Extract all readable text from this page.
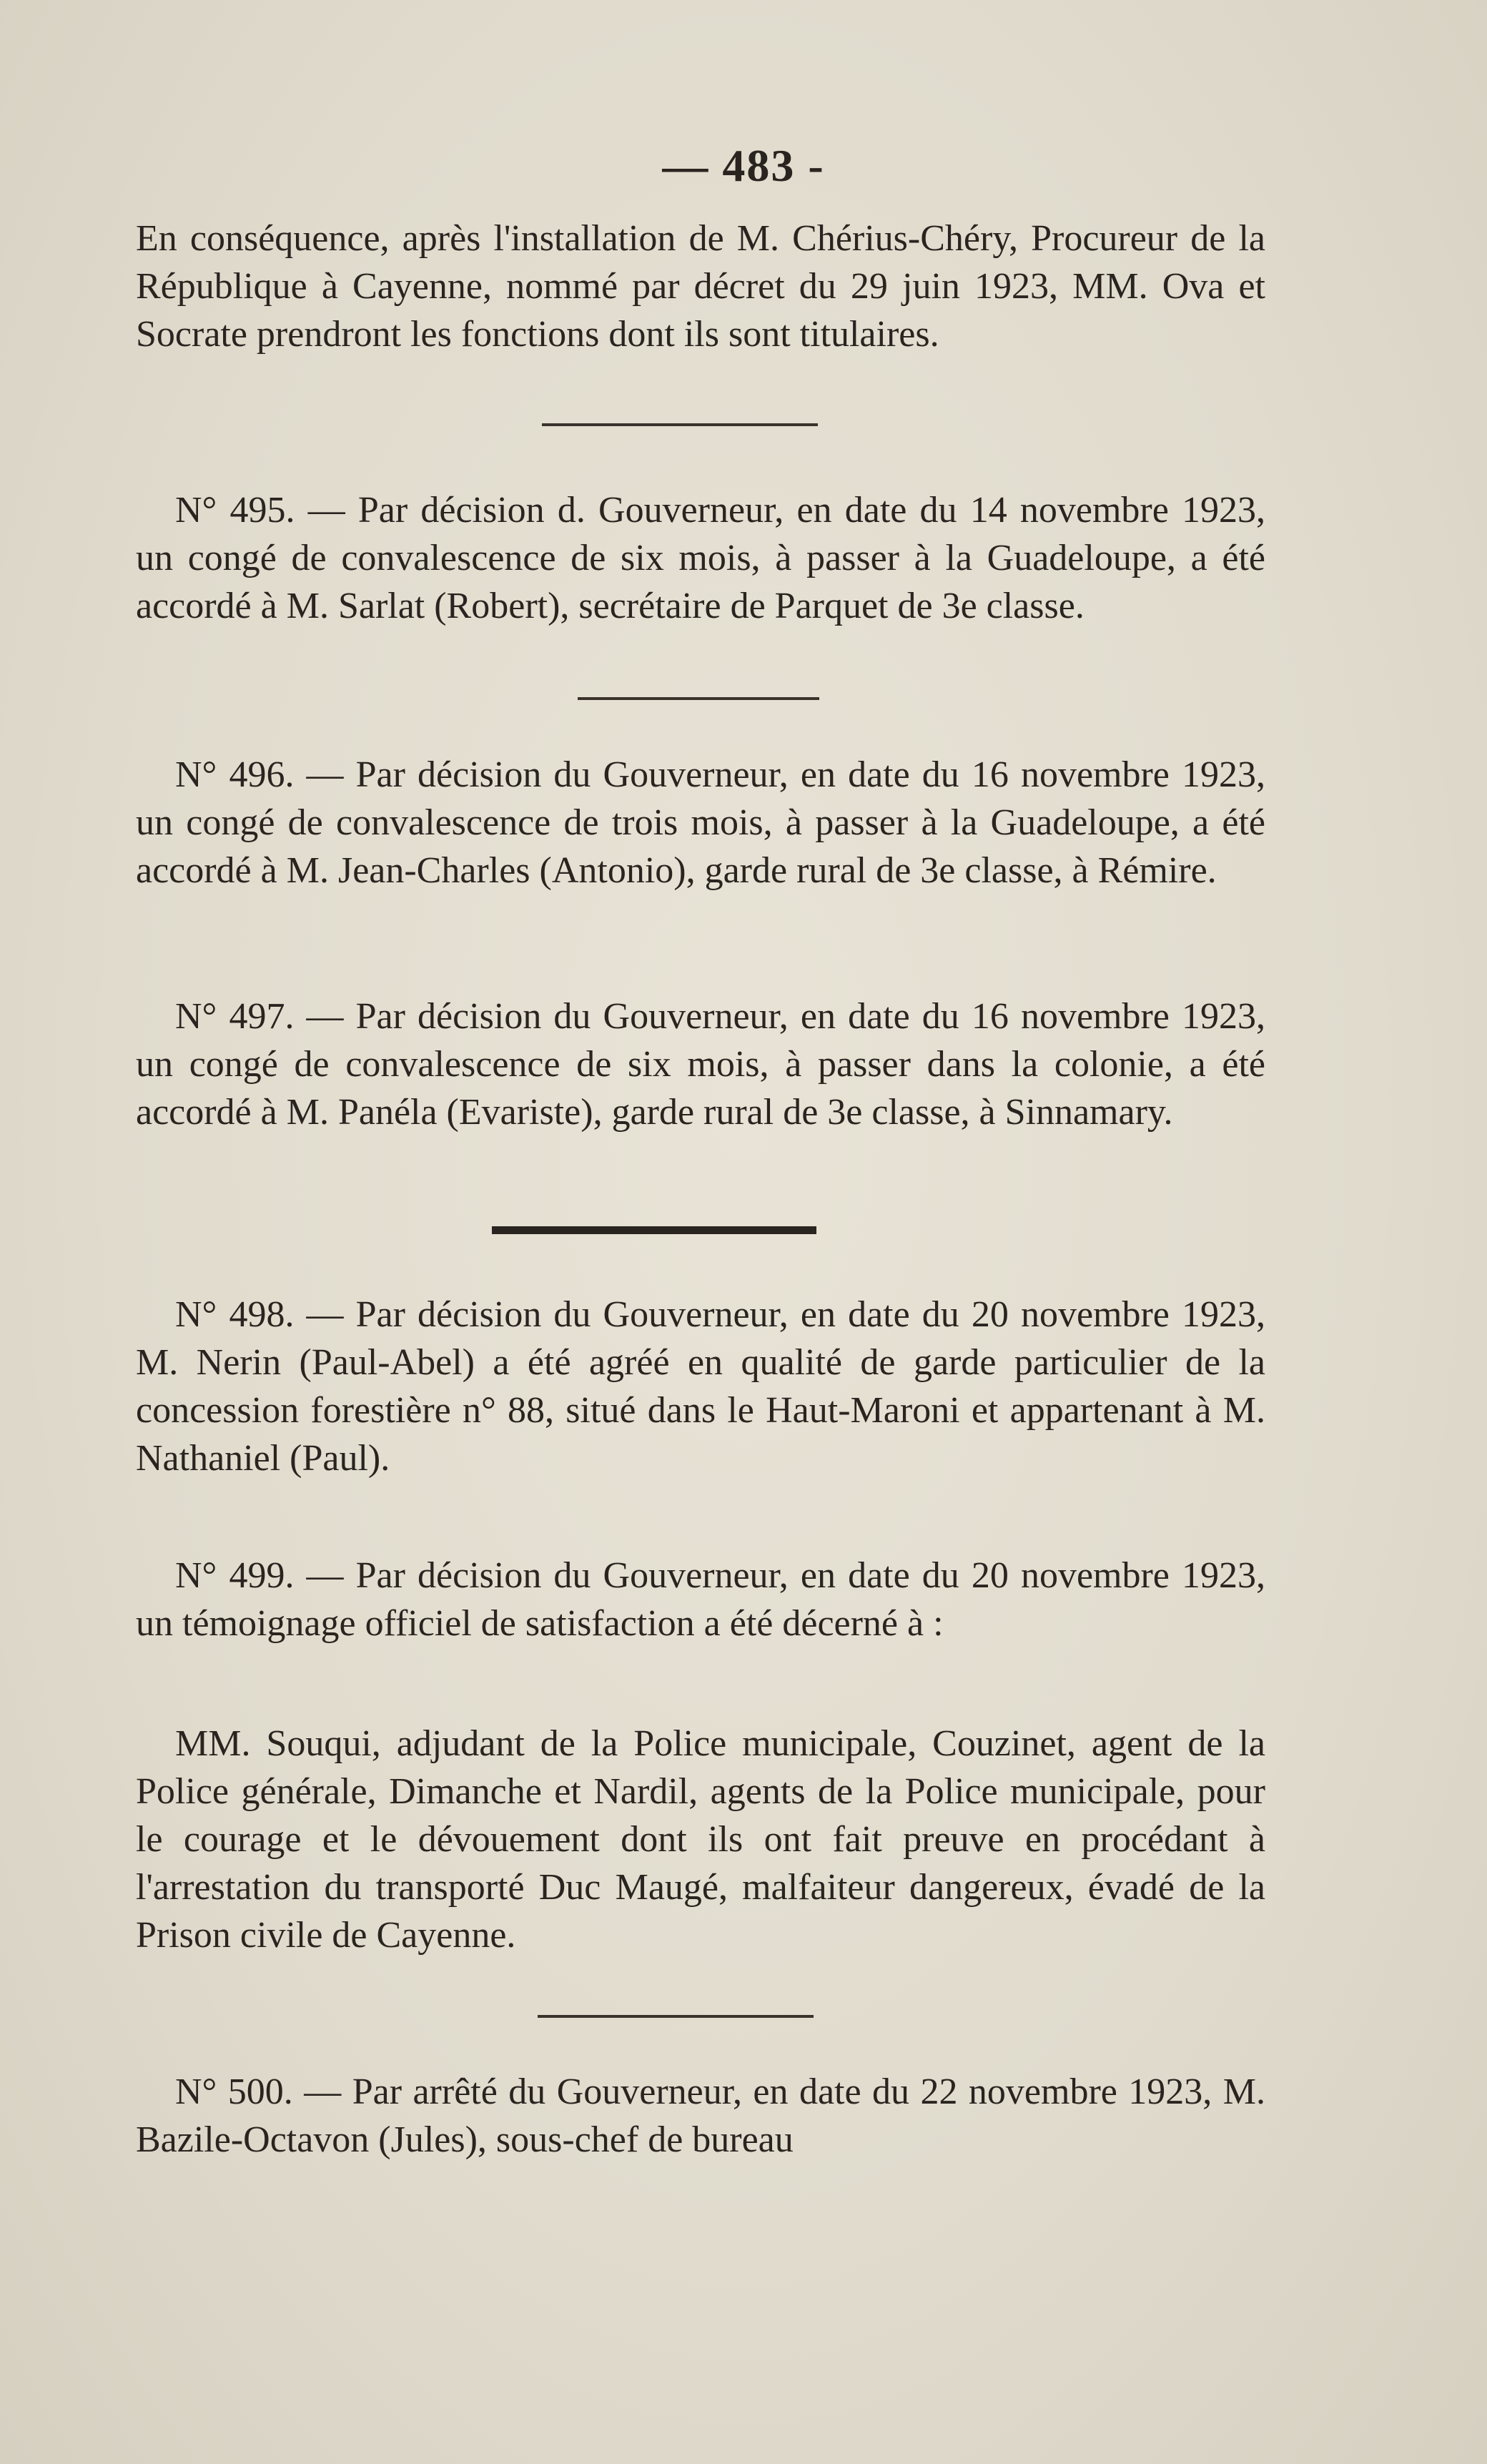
— 483 -
En conséquence, après l'installation de M. Chérius-Chéry, Procureur de la République à Cayenne, nommé par décret du 29 juin 1923, MM. Ova et Socrate prendront les fonctions dont ils sont titulaires.
N° 495. — Par décision d. Gouverneur, en date du 14 novembre 1923, un congé de convalescence de six mois, à passer à la Guadeloupe, a été accordé à M. Sarlat (Robert), secrétaire de Parquet de 3e classe.
N° 496. — Par décision du Gouverneur, en date du 16 novembre 1923, un congé de convalescence de trois mois, à passer à la Guadeloupe, a été accordé à M. Jean-Charles (Antonio), garde rural de 3e classe, à Rémire.
N° 497. — Par décision du Gouverneur, en date du 16 novembre 1923, un congé de convalescence de six mois, à passer dans la colonie, a été accordé à M. Panéla (Evariste), garde rural de 3e classe, à Sinnamary.
N° 498. — Par décision du Gouverneur, en date du 20 novembre 1923, M. Nerin (Paul-Abel) a été agréé en qualité de garde particulier de la concession forestière n° 88, situé dans le Haut-Maroni et appartenant à M. Nathaniel (Paul).
N° 499. — Par décision du Gouverneur, en date du 20 novembre 1923, un témoignage officiel de satisfaction a été décerné à :
MM. Souqui, adjudant de la Police municipale, Couzinet, agent de la Police générale, Dimanche et Nardil, agents de la Police municipale, pour le courage et le dévouement dont ils ont fait preuve en procédant à l'arrestation du transporté Duc Maugé, malfaiteur dangereux, évadé de la Prison civile de Cayenne.
N° 500. — Par arrêté du Gouverneur, en date du 22 novembre 1923, M. Bazile-Octavon (Jules), sous-chef de bureau
